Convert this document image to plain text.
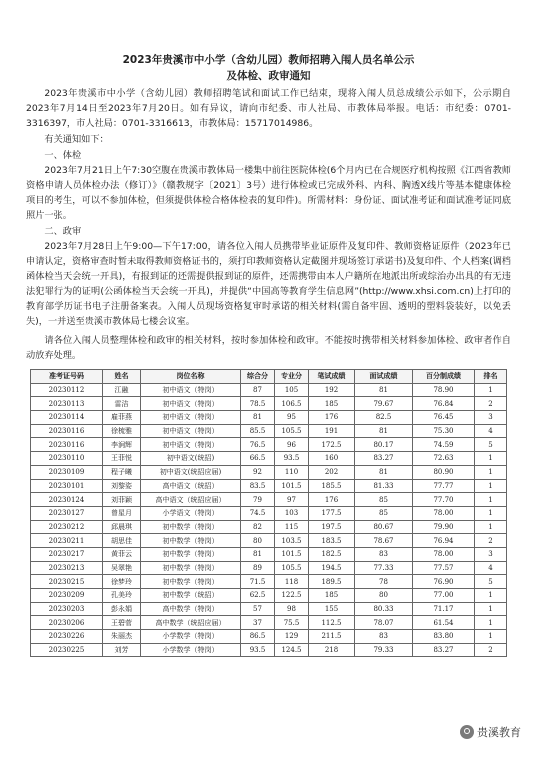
2023年贵溪市中小学（含幼儿园）教师招聘入闱人员名单公示

及体检、政审通知

2023年贵溪市中小学（含幼儿园）教师招聘笔试和面试工作已结束，现将入闱人员总成绩公示如下，公示期自2023年7月14日至2023年7月20日。如有异议，请向市纪委、市人社局、市教体局举报。电话：市纪委：0701-3316397，市人社局：0701-3316613，市教体局：15717014986。

有关通知如下：

一、体检

2023年7月21日上午7:30空腹在贵溪市教体局一楼集中前往医院体检(6个月内已在合规医疗机构按照《江西省教师资格申请人员体检办法（修订）》（赣教规字〔2021〕3号）进行体检或已完成外科、内科、胸透X线片等基本健康体检项目的考生，可以不参加体检，但须提供体检合格体检表的复印件)。所需材料：身份证、面试准考证和面试准考证同底照片一张。

二、政审

2023年7月28日上午9:00—下午17:00，请各位入闱人员携带毕业证原件及复印件、教师资格证原件（2023年已申请认定，资格审查时暂未取得教师资格证书的，须打印教师资格认定截图并现场签订承诺书)及复印件、个人档案(调档函体检当天会统一开具)，有报到证的还需提供报到证的原件，还需携带由本人户籍所在地派出所或综治办出具的有无违法犯罪行为的证明(公函体检当天会统一开具)，并提供“中国高等教育学生信息网”(http://www.xhsi.com.cn)上打印的教育部学历证书电子注册备案表。入闱人员现场资格复审时承诺的相关材料(需自备牢固、透明的塑料袋装好，以免丢失)，一并送至贵溪市教体局七楼会议室。

请各位入闱人员整理体检和政审的相关材料，按时参加体检和政审。不能按时携带相关材料参加体检、政审者作自动放弃处理。

准考证号码	姓名	岗位名称	综合分	专业分	笔试成绩	面试成绩	百分制成绩	排名
20230112	江融	初中语文（特岗）	87	105	192	81	78.90	1
20230113	雷洁	初中语文（特岗）	78.5	106.5	185	79.67	76.84	2
20230114	雇菲燕	初中语文（特岗）	81	95	176	82.5	76.45	3
20230116	徐梳雅	初中语文（特岗）	85.5	105.5	191	81	75.30	4
20230116	李涧辉	初中语文（特岗）	76.5	96	172.5	80.17	74.59	5
20230110	王菲悦	初中语文(统招)	66.5	93.5	160	83.27	72.63	1
20230109	程子曦	初中语文(统招应届)	92	110	202	81	80.90	1
20230101	刘黎姿	高中语文（统招）	83.5	101.5	185.5	81.33	77.77	1
20230124	刘菲颖	高中语文（统招应届）	79	97	176	85	77.70	1
20230127	曾星月	小学语文（特岗）	74.5	103	177.5	85	78.00	1
20230212	邱晨琪	初中数学（特岗）	82	115	197.5	80.67	79.90	1
20230211	胡思佳	初中数学（特岗）	80	103.5	183.5	78.67	76.94	2
20230217	黄菲云	初中数学（特岗）	81	101.5	182.5	83	78.00	3
20230213	吴翠艳	初中数学（特岗）	89	105.5	194.5	77.33	77.57	4
20230215	徐梦玲	初中数学（特岗）	71.5	118	189.5	78	76.90	5
20230209	孔美玲	初中数学（统招）	62.5	122.5	185	80	77.00	1
20230203	彭永娟	高中数学（特岗）	57	98	155	80.33	71.17	1
20230206	王碧菅	高中数学（统招应届）	37	75.5	112.5	78.07	61.54	1
20230226	朱丽杰	小学数学（特岗）	86.5	129	211.5	83	83.80	1
20230225	刘芳	小学数学（特岗）	93.5	124.5	218	79.33	83.27	2
贵溪教育
